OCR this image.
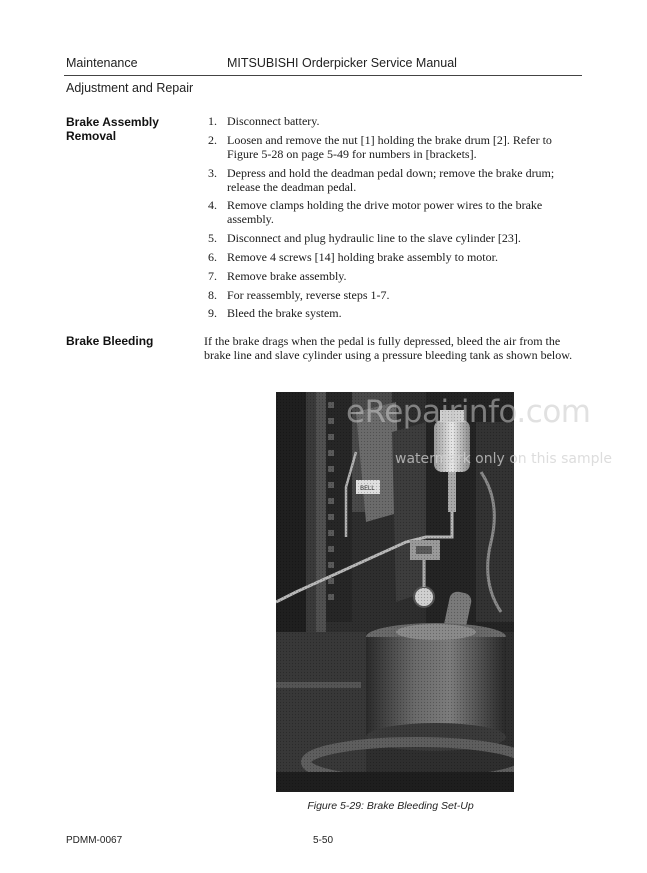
Maintenance	MITSUBISHI Orderpicker Service Manual
Adjustment and Repair
Brake Assembly
Removal
1. Disconnect battery.
2. Loosen and remove the nut [1] holding the brake drum [2]. Refer to Figure 5-28 on page 5-49 for numbers in [brackets].
3. Depress and hold the deadman pedal down; remove the brake drum; release the deadman pedal.
4. Remove clamps holding the drive motor power wires to the brake assembly.
5. Disconnect and plug hydraulic line to the slave cylinder [23].
6. Remove 4 screws [14] holding brake assembly to motor.
7. Remove brake assembly.
8. For reassembly, reverse steps 1-7.
9. Bleed the brake system.
Brake Bleeding	If the brake drags when the pedal is fully depressed, bleed the air from the brake line and slave cylinder using a pressure bleeding tank as shown below.
eRepairinfo.com
watermark only on this sample
Figure 5-29: Brake Bleeding Set-Up
PDMM-0067	5-50
